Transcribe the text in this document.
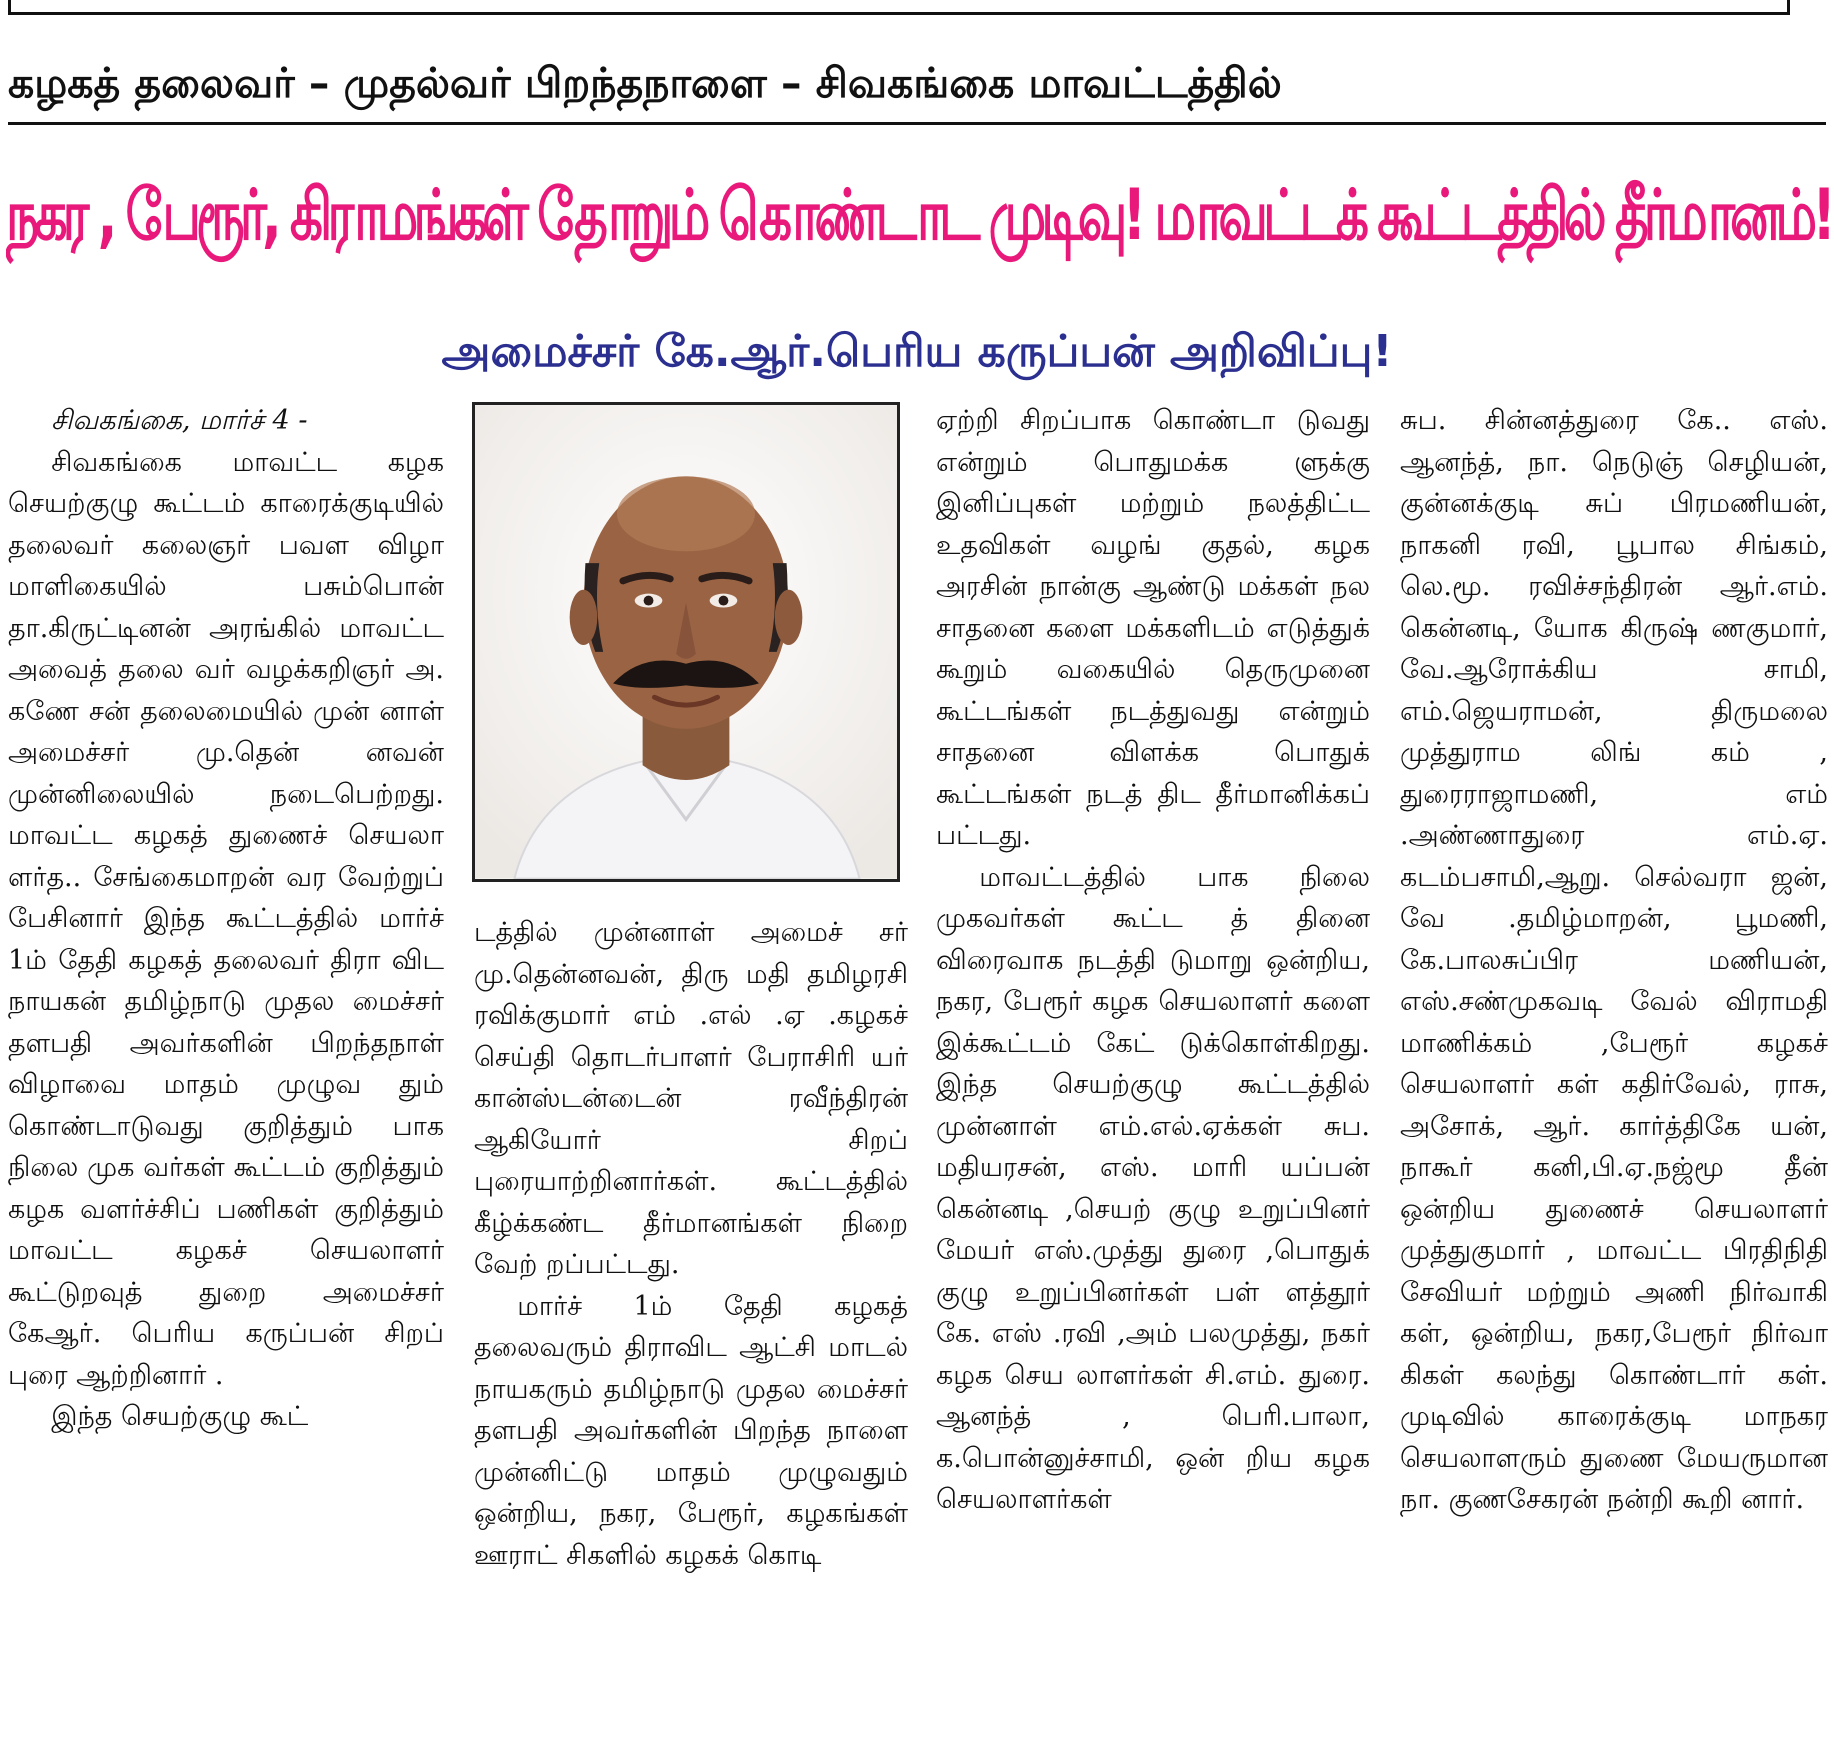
கழகத் தலைவர் – முதல்வர் பிறந்தநாளை – சிவகங்கை மாவட்டத்தில்
நகர , பேரூர், கிராமங்கள் தோறும் கொண்டாட முடிவு! மாவட்டக் கூட்டத்தில் தீர்மானம்!
அமைச்சர் கே.ஆர்.பெரிய கருப்பன் அறிவிப்பு!

சிவகங்கை, மார்ச் 4 -

சிவகங்கை மாவட்ட கழக செயற்குழு கூட்டம் காரைக்குடியில் தலைவர் கலைஞர் பவள விழா மாளிகையில் பசும்பொன் தா.கிருட்டினன் அரங்கில் மாவட்ட அவைத் தலை வர் வழக்கறிஞர் அ. கணே சன் தலைமையில் முன் னாள் அமைச்சர் மு.தென் னவன் முன்னிலையில் நடைபெற்றது. மாவட்ட கழகத் துணைச் செயலா ளர்த.. சேங்கைமாறன் வர வேற்றுப் பேசினார் இந்த கூட்டத்தில் மார்ச் 1ம் தேதி கழகத் தலைவர் திரா விட நாயகன் தமிழ்நாடு முதல மைச்சர் தளபதி அவர்களின் பிறந்தநாள் விழாவை மாதம் முழுவ தும் கொண்டாடுவது குறித்தும் பாக நிலை முக வர்கள் கூட்டம் குறித்தும் கழக வளர்ச்சிப் பணிகள் குறித்தும் மாவட்ட கழகச் செயலாளர் கூட்டுறவுத் துறை அமைச்சர் கேஆர். பெரிய கருப்பன் சிறப் புரை ஆற்றினார் .

இந்த செயற்குழு கூட்

டத்தில் முன்னாள் அமைச் சர் மு.தென்னவன், திரு மதி தமிழரசி ரவிக்குமார் எம் .எல் .ஏ .கழகச் செய்தி தொடர்பாளர் பேராசிரி யர் கான்ஸ்டன்டைன் ரவீந்திரன் ஆகியோர் சிறப் புரையாற்றினார்கள். கூட்டத்தில் கீழ்க்கண்ட தீர்மானங்கள் நிறை வேற் றப்பட்டது.

மார்ச் 1ம் தேதி கழகத் தலைவரும் திராவிட ஆட்சி மாடல் நாயகரும் தமிழ்நாடு முதல மைச்சர் தளபதி அவர்களின் பிறந்த நாளை முன்னிட்டு மாதம் முழுவதும் ஒன்றிய, நகர, பேரூர், கழகங்கள் ஊராட் சிகளில் கழகக் கொடி

ஏற்றி சிறப்பாக கொண்டா டுவது என்றும் பொதுமக்க ளுக்கு இனிப்புகள் மற்றும் நலத்திட்ட உதவிகள் வழங் குதல், கழக அரசின் நான்கு ஆண்டு மக்கள் நல சாதனை களை மக்களிடம் எடுத்துக் கூறும் வகையில் தெருமுனை கூட்டங்கள் நடத்துவது என்றும் சாதனை விளக்க பொதுக் கூட்டங்கள் நடத் திட தீர்மானிக்கப் பட்டது.

மாவட்டத்தில் பாக நிலை முகவர்கள் கூட்ட த் தினை விரைவாக நடத்தி டுமாறு ஒன்றிய, நகர, பேரூர் கழக செயலாளர் களை இக்கூட்டம் கேட் டுக்கொள்கிறது. இந்த செயற்குழு கூட்டத்தில் முன்னாள் எம்.எல்.ஏக்கள் சுப. மதியரசன், எஸ். மாரி யப்பன் கென்னடி ,செயற் குழு உறுப்பினர் மேயர் எஸ்.முத்து துரை ,பொதுக் குழு உறுப்பினர்கள் பள் ளத்தூர் கே. எஸ் .ரவி ,அம் பலமுத்து, நகர் கழக செய லாளர்கள் சி.எம். துரை. ஆனந்த் , பெரி.பாலா, க.பொன்னுச்சாமி, ஒன் றிய கழக செயலாளர்கள்

சுப. சின்னத்துரை கே.. எஸ். ஆனந்த், நா. நெடுஞ் செழியன், குன்னக்குடி சுப் பிரமணியன், நாகனி ரவி, பூபால சிங்கம், லெ.மூ. ரவிச்சந்திரன் ஆர்.எம். கென்னடி, யோக கிருஷ் ணகுமார், வே.ஆரோக்கிய சாமி, எம்.ஜெயராமன், திருமலை முத்துராம லிங் கம் , துரைராஜாமணி, எம் .அண்ணாதுரை எம்.ஏ. கடம்பசாமி,ஆறு. செல்வரா ஜன், வே .தமிழ்மாறன், பூமணி, கே.பாலசுப்பிர மணியன், எஸ்.சண்முகவடி வேல் விராமதி மாணிக்கம் ,பேரூர் கழகச் செயலாளர் கள் கதிர்வேல், ராசு, அசோக், ஆர். கார்த்திகே யன், நாகூர் கனி,பி.ஏ.நஜ்மூ தீன் ஒன்றிய துணைச் செயலாளர் முத்துகுமார் , மாவட்ட பிரதிநிதி சேவியர் மற்றும் அணி நிர்வாகி கள், ஒன்றிய, நகர,பேரூர் நிர்வா கிகள் கலந்து கொண்டார் கள். முடிவில் காரைக்குடி மாநகர செயலாளரும் துணை மேயருமான நா. குணசேகரன் நன்றி கூறி னார்.
